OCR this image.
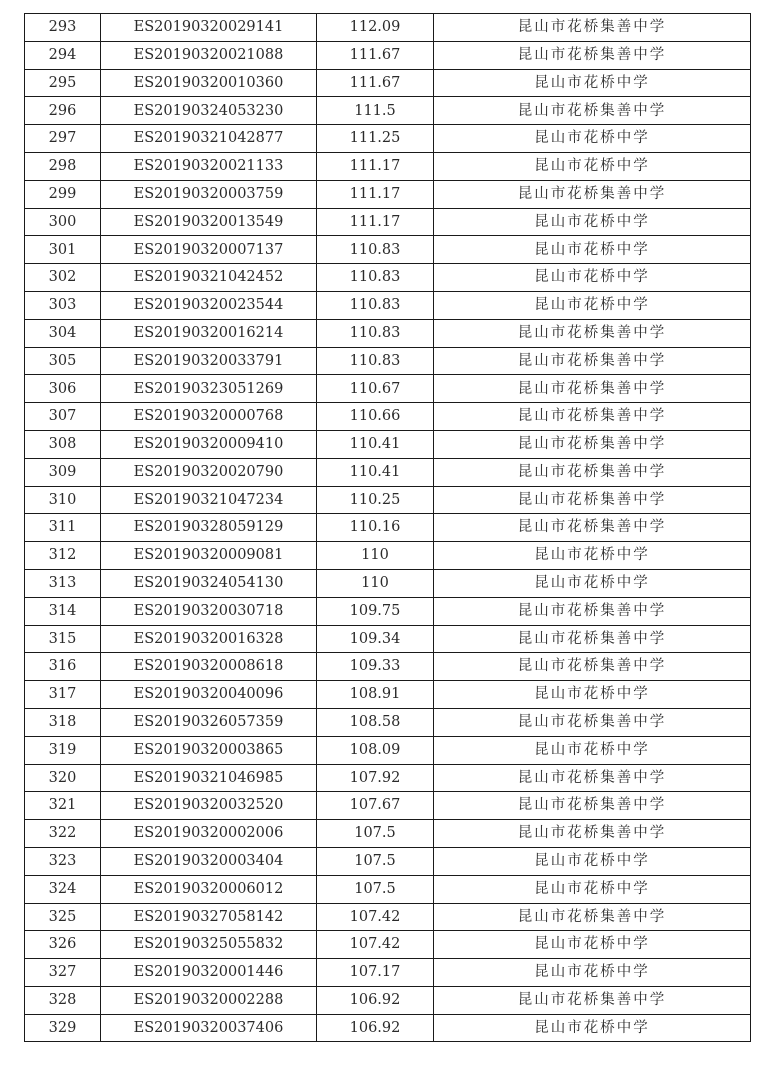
293	ES20190320029141	112.09	昆山市花桥集善中学
294	ES20190320021088	111.67	昆山市花桥集善中学
295	ES20190320010360	111.67	昆山市花桥中学
296	ES20190324053230	111.5	昆山市花桥集善中学
297	ES20190321042877	111.25	昆山市花桥中学
298	ES20190320021133	111.17	昆山市花桥中学
299	ES20190320003759	111.17	昆山市花桥集善中学
300	ES20190320013549	111.17	昆山市花桥中学
301	ES20190320007137	110.83	昆山市花桥中学
302	ES20190321042452	110.83	昆山市花桥中学
303	ES20190320023544	110.83	昆山市花桥中学
304	ES20190320016214	110.83	昆山市花桥集善中学
305	ES20190320033791	110.83	昆山市花桥集善中学
306	ES20190323051269	110.67	昆山市花桥集善中学
307	ES20190320000768	110.66	昆山市花桥集善中学
308	ES20190320009410	110.41	昆山市花桥集善中学
309	ES20190320020790	110.41	昆山市花桥集善中学
310	ES20190321047234	110.25	昆山市花桥集善中学
311	ES20190328059129	110.16	昆山市花桥集善中学
312	ES20190320009081	110	昆山市花桥中学
313	ES20190324054130	110	昆山市花桥中学
314	ES20190320030718	109.75	昆山市花桥集善中学
315	ES20190320016328	109.34	昆山市花桥集善中学
316	ES20190320008618	109.33	昆山市花桥集善中学
317	ES20190320040096	108.91	昆山市花桥中学
318	ES20190326057359	108.58	昆山市花桥集善中学
319	ES20190320003865	108.09	昆山市花桥中学
320	ES20190321046985	107.92	昆山市花桥集善中学
321	ES20190320032520	107.67	昆山市花桥集善中学
322	ES20190320002006	107.5	昆山市花桥集善中学
323	ES20190320003404	107.5	昆山市花桥中学
324	ES20190320006012	107.5	昆山市花桥中学
325	ES20190327058142	107.42	昆山市花桥集善中学
326	ES20190325055832	107.42	昆山市花桥中学
327	ES20190320001446	107.17	昆山市花桥中学
328	ES20190320002288	106.92	昆山市花桥集善中学
329	ES20190320037406	106.92	昆山市花桥中学
